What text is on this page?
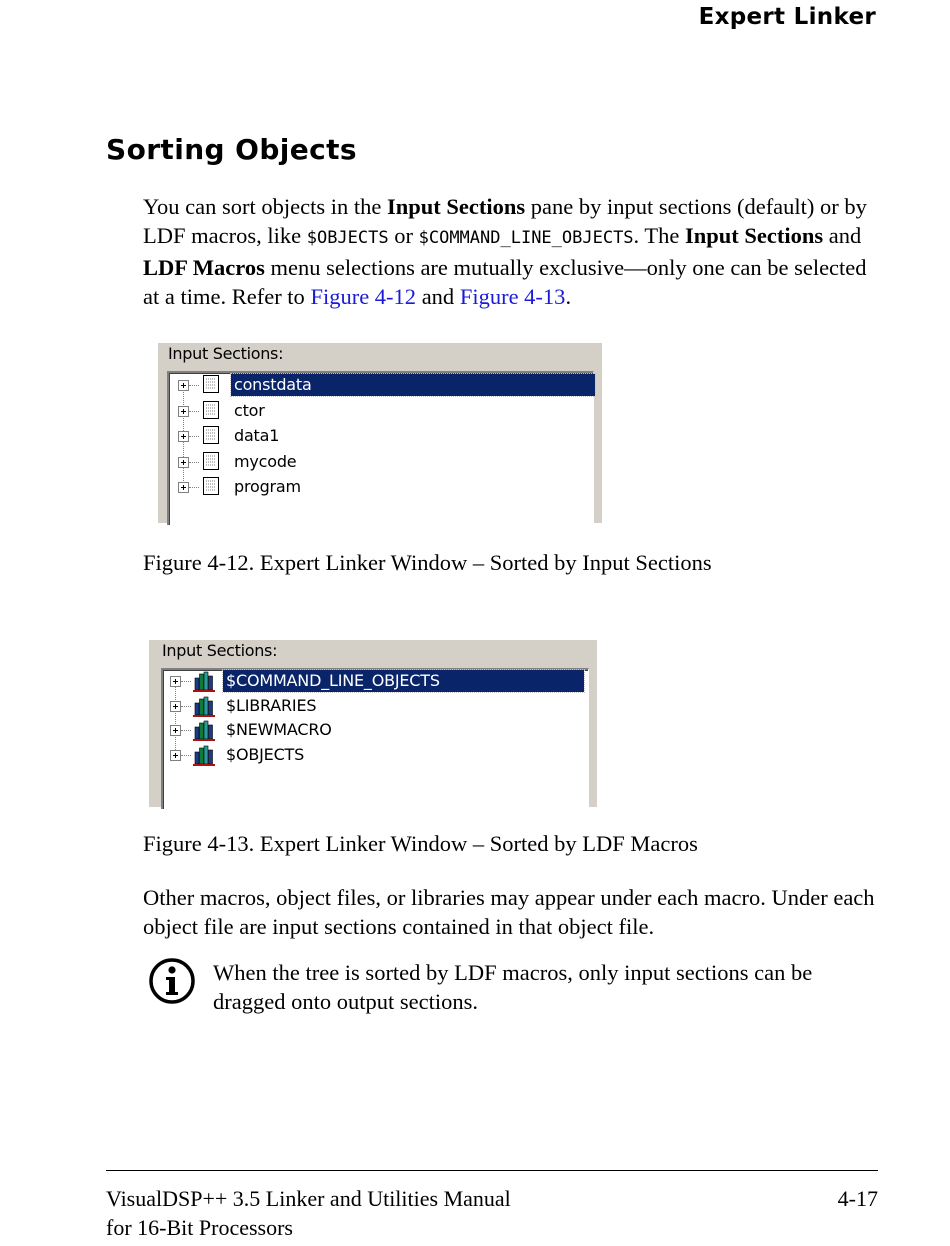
Expert Linker
Sorting Objects

You can sort objects in the Input Sections pane by input sections (default) or by LDF macros, like $OBJECTS or $COMMAND_LINE_OBJECTS. The Input Sections and LDF Macros menu selections are mutually exclusive—only one can be selected at a time. Refer to Figure 4-12 and Figure 4-13.

Input Sections:
constdata
ctor
data1
mycode
program
Figure 4-12. Expert Linker Window – Sorted by Input Sections
Input Sections:
$COMMAND_LINE_OBJECTS
$LIBRARIES
$NEWMACRO
$OBJECTS
Figure 4-13. Expert Linker Window – Sorted by LDF Macros

Other macros, object files, or libraries may appear under each macro. Under each object file are input sections contained in that object file.

When the tree is sorted by LDF macros, only input sections can be dragged onto output sections.

VisualDSP++ 3.5 Linker and Utilities Manual
for 16-Bit Processors
4-17
